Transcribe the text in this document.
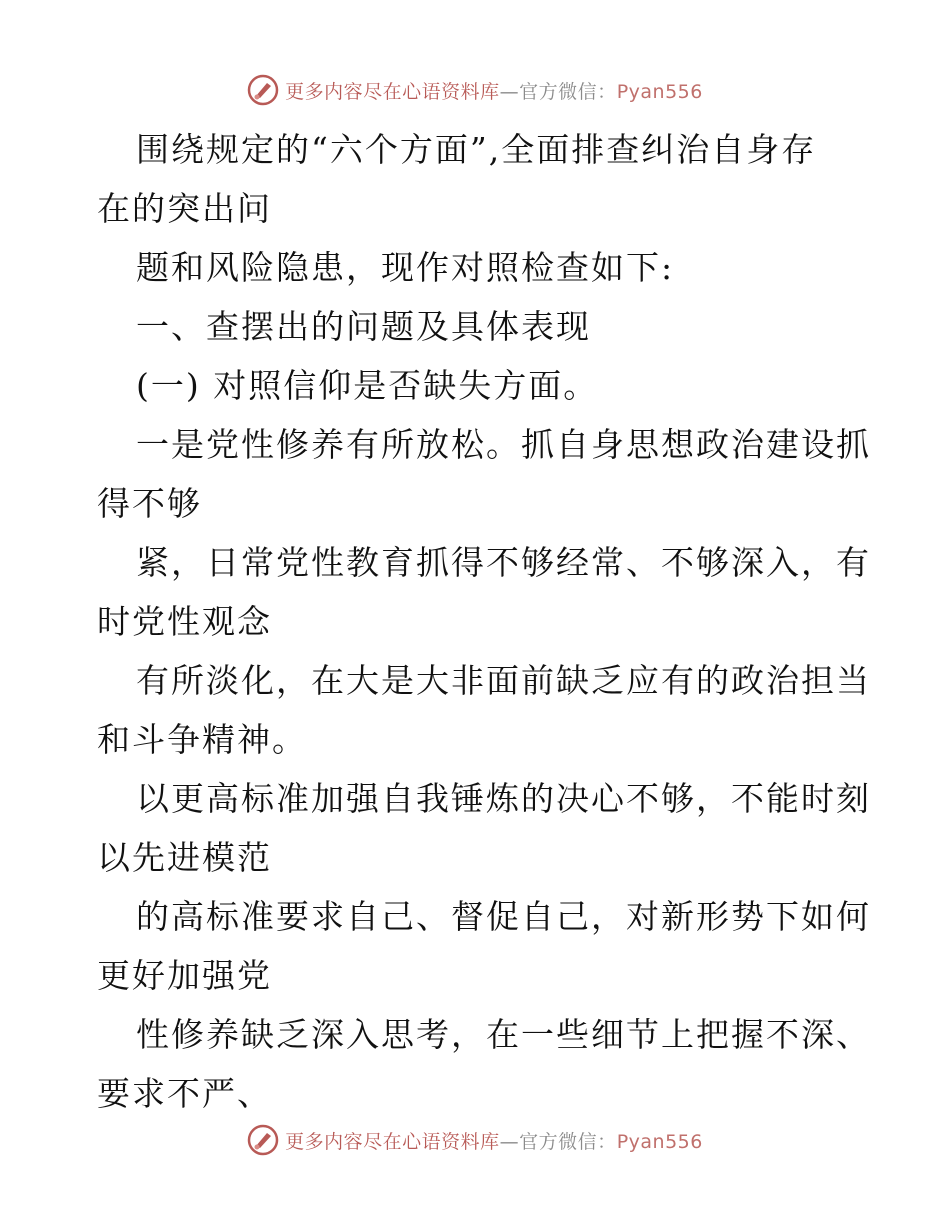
更多内容尽在心语资料库—官方微信：Pyan556

围绕规定的“六个方面”,全面排查纠治自身存

在的突出问

题和风险隐患，现作对照检查如下:

一、查摆出的问题及具体表现

(一) 对照信仰是否缺失方面。

一是党性修养有所放松。抓自身思想政治建设抓

得不够

紧，日常党性教育抓得不够经常、不够深入，有

时党性观念

有所淡化，在大是大非面前缺乏应有的政治担当

和斗争精神。

以更高标准加强自我锤炼的决心不够，不能时刻

以先进模范

的高标准要求自己、督促自己，对新形势下如何

更好加强党

性修养缺乏深入思考，在一些细节上把握不深、

要求不严、

更多内容尽在心语资料库—官方微信：Pyan556
